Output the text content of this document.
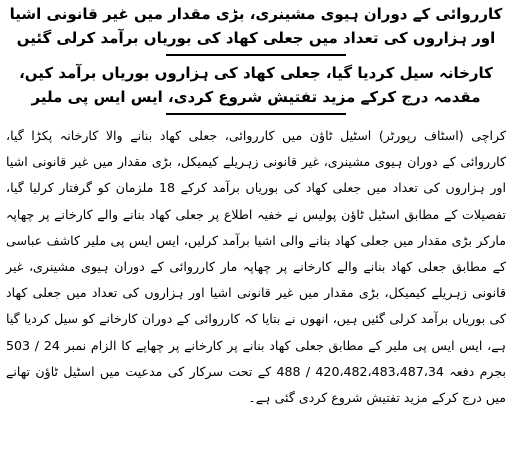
کارروائی کے دوران ہیوی مشینری، بڑی مقدار میں غیر قانونی اشیا اور ہزاروں کی تعداد میں جعلی کھاد کی بوریاں برآمد کرلی گئیں

کارخانہ سیل کردیا گیا، جعلی کھاد کی ہزاروں بوریاں برآمد کیں، مقدمہ درج کرکے مزید تفتیش شروع کردی، ایس ایس پی ملیر

کراچی (اسٹاف رپورٹر) اسٹیل ٹاؤن میں کارروائی، جعلی کھاد بنانے والا کارخانہ پکڑا گیا، کارروائی کے دوران ہیوی مشینری، غیر قانونی زہریلے کیمیکل، بڑی مقدار میں غیر قانونی اشیا اور ہزاروں کی تعداد میں جعلی کھاد کی بوریاں برآمد کرکے 18 ملزمان کو گرفتار کرلیا گیا، تفصیلات کے مطابق اسٹیل ٹاؤن پولیس نے خفیہ اطلاع پر جعلی کھاد بنانے والے کارخانے پر چھاپہ مارکر بڑی مقدار میں جعلی کھاد بنانے والی اشیا برآمد کرلیں، ایس ایس پی ملیر کاشف عباسی کے مطابق جعلی کھاد بنانے والے کارخانے پر چھاپہ مار کارروائی کے دوران ہیوی مشینری، غیر قانونی زہریلے کیمیکل، بڑی مقدار میں غیر قانونی اشیا اور ہزاروں کی تعداد میں جعلی کھاد کی بوریاں برآمد کرلی گئیں ہیں، انھوں نے بتایا کہ کارروائی کے دوران کارخانے کو سیل کردیا گیا ہے، ایس ایس پی ملیر کے مطابق جعلی کھاد بنانے پر کارخانے پر چھاپے کا الزام نمبر 24 / 503 بجرم دفعہ 420،482،483،487،34 / 488 کے تحت سرکار کی مدعیت میں اسٹیل ٹاؤن تھانے میں درج کرکے مزید تفتیش شروع کردی گئی ہے۔
